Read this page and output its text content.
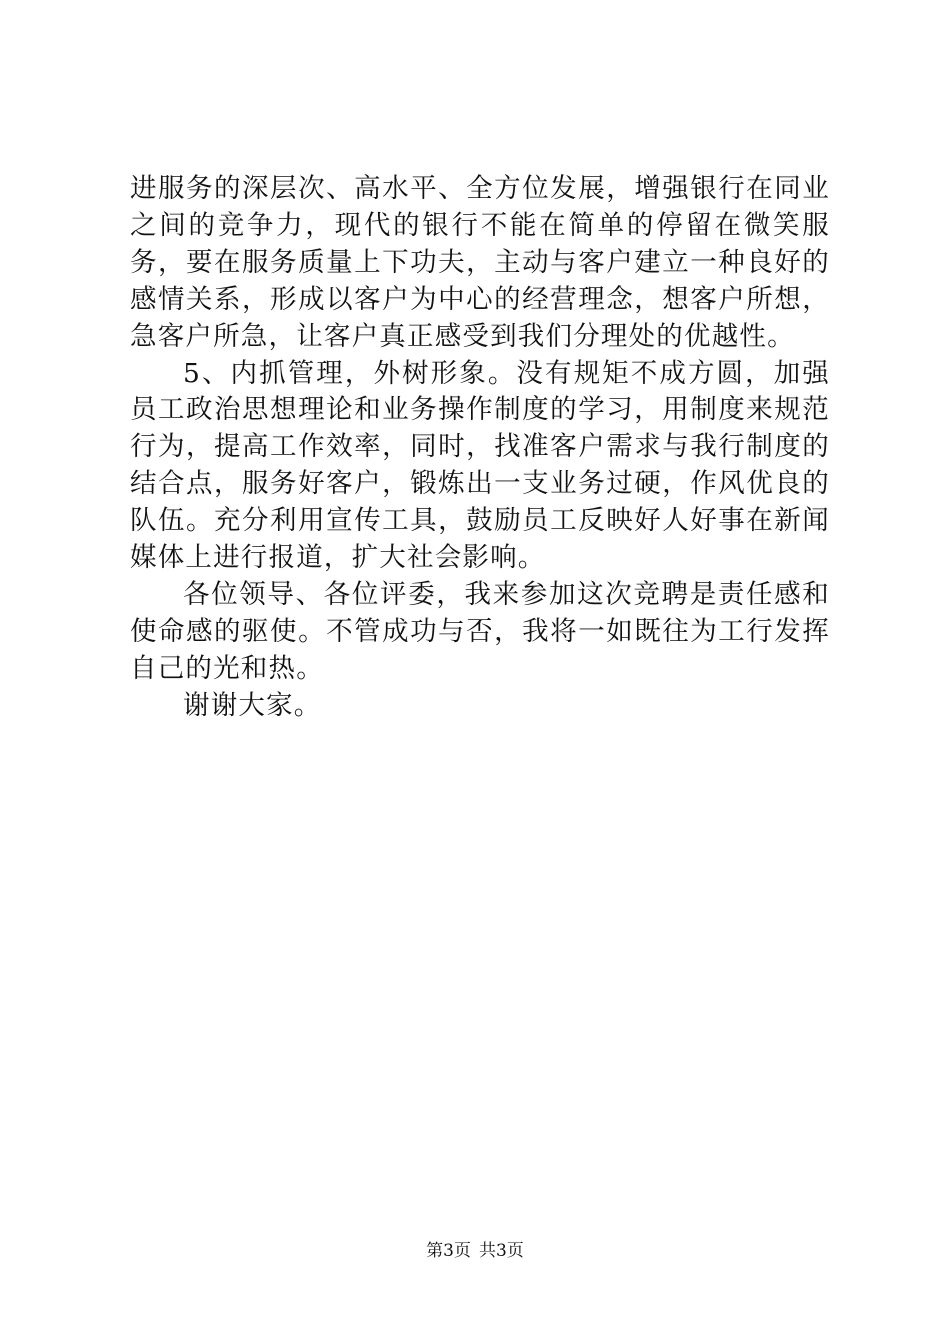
进服务的深层次、高水平、全方位发展，增强银行在同业之间的竞争力，现代的银行不能在简单的停留在微笑服务，要在服务质量上下功夫，主动与客户建立一种良好的感情关系，形成以客户为中心的经营理念，想客户所想，急客户所急，让客户真正感受到我们分理处的优越性。

5、内抓管理，外树形象。没有规矩不成方圆，加强员工政治思想理论和业务操作制度的学习，用制度来规范行为，提高工作效率，同时，找准客户需求与我行制度的结合点，服务好客户，锻炼出一支业务过硬，作风优良的队伍。充分利用宣传工具，鼓励员工反映好人好事在新闻媒体上进行报道，扩大社会影响。

各位领导、各位评委，我来参加这次竞聘是责任感和使命感的驱使。不管成功与否，我将一如既往为工行发挥自己的光和热。

谢谢大家。

第3页 共3页
